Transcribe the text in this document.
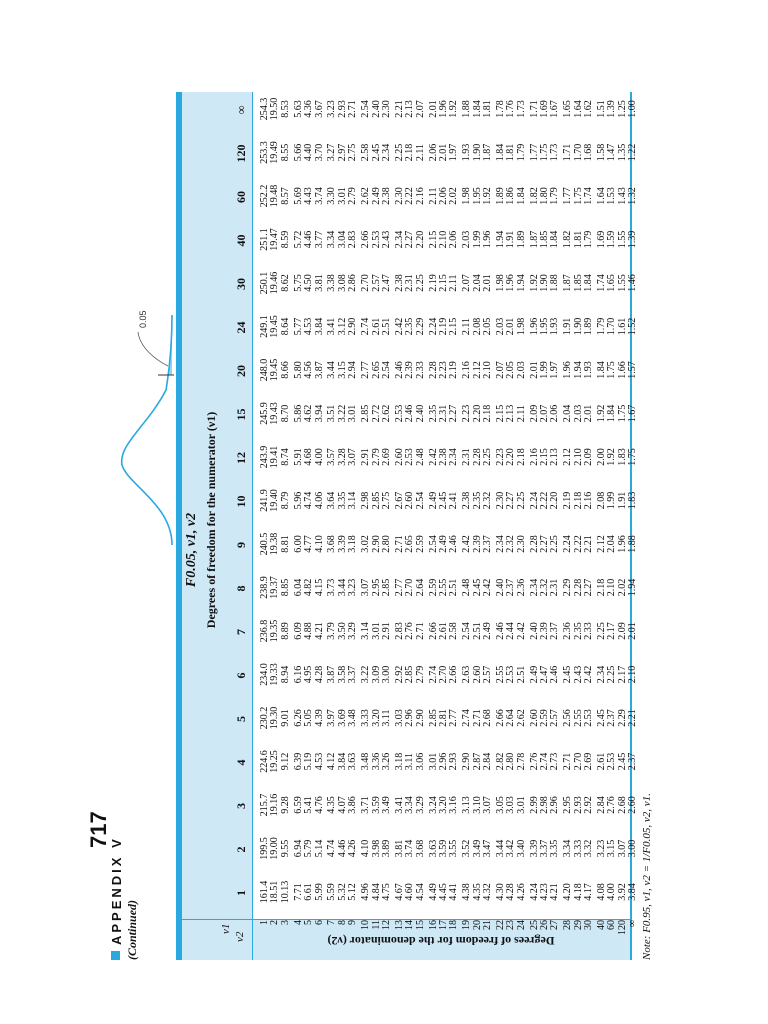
717
APPENDIX V (Continued)
0.05
F0.05, ν1, ν2 Degrees of freedom for the numerator (ν1)
Degrees of freedom for the denominator (ν2)
ν1
ν2
1
2
3
4
5
6
7
8
9
10
12
15
20
24
30
40
60
120
∞
1
161.4
199.5
215.7
224.6
230.2
234.0
236.8
238.9
240.5
241.9
243.9
245.9
248.0
249.1
250.1
251.1
252.2
253.3
254.3
2
18.51
19.00
19.16
19.25
19.30
19.33
19.35
19.37
19.38
19.40
19.41
19.43
19.45
19.45
19.46
19.47
19.48
19.49
19.50
3
10.13
9.55
9.28
9.12
9.01
8.94
8.89
8.85
8.81
8.79
8.74
8.70
8.66
8.64
8.62
8.59
8.57
8.55
8.53
4
7.71
6.94
6.59
6.39
6.26
6.16
6.09
6.04
6.00
5.96
5.91
5.86
5.80
5.77
5.75
5.72
5.69
5.66
5.63
5
6.61
5.79
5.41
5.19
5.05
4.95
4.88
4.82
4.77
4.74
4.68
4.62
4.56
4.53
4.50
4.46
4.43
4.40
4.36
6
5.99
5.14
4.76
4.53
4.39
4.28
4.21
4.15
4.10
4.06
4.00
3.94
3.87
3.84
3.81
3.77
3.74
3.70
3.67
7
5.59
4.74
4.35
4.12
3.97
3.87
3.79
3.73
3.68
3.64
3.57
3.51
3.44
3.41
3.38
3.34
3.30
3.27
3.23
8
5.32
4.46
4.07
3.84
3.69
3.58
3.50
3.44
3.39
3.35
3.28
3.22
3.15
3.12
3.08
3.04
3.01
2.97
2.93
9
5.12
4.26
3.86
3.63
3.48
3.37
3.29
3.23
3.18
3.14
3.07
3.01
2.94
2.90
2.86
2.83
2.79
2.75
2.71
10
4.96
4.10
3.71
3.48
3.33
3.22
3.14
3.07
3.02
2.98
2.91
2.85
2.77
2.74
2.70
2.66
2.62
2.58
2.54
11
4.84
3.98
3.59
3.36
3.20
3.09
3.01
2.95
2.90
2.85
2.79
2.72
2.65
2.61
2.57
2.53
2.49
2.45
2.40
12
4.75
3.89
3.49
3.26
3.11
3.00
2.91
2.85
2.80
2.75
2.69
2.62
2.54
2.51
2.47
2.43
2.38
2.34
2.30
13
4.67
3.81
3.41
3.18
3.03
2.92
2.83
2.77
2.71
2.67
2.60
2.53
2.46
2.42
2.38
2.34
2.30
2.25
2.21
14
4.60
3.74
3.34
3.11
2.96
2.85
2.76
2.70
2.65
2.60
2.53
2.46
2.39
2.35
2.31
2.27
2.22
2.18
2.13
15
4.54
3.68
3.29
3.06
2.90
2.79
2.71
2.64
2.59
2.54
2.48
2.40
2.33
2.29
2.25
2.20
2.16
2.11
2.07
16
4.49
3.63
3.24
3.01
2.85
2.74
2.66
2.59
2.54
2.49
2.42
2.35
2.28
2.24
2.19
2.15
2.11
2.06
2.01
17
4.45
3.59
3.20
2.96
2.81
2.70
2.61
2.55
2.49
2.45
2.38
2.31
2.23
2.19
2.15
2.10
2.06
2.01
1.96
18
4.41
3.55
3.16
2.93
2.77
2.66
2.58
2.51
2.46
2.41
2.34
2.27
2.19
2.15
2.11
2.06
2.02
1.97
1.92
19
4.38
3.52
3.13
2.90
2.74
2.63
2.54
2.48
2.42
2.38
2.31
2.23
2.16
2.11
2.07
2.03
1.98
1.93
1.88
20
4.35
3.49
3.10
2.87
2.71
2.60
2.51
2.45
2.39
2.35
2.28
2.20
2.12
2.08
2.04
1.99
1.95
1.90
1.84
21
4.32
3.47
3.07
2.84
2.68
2.57
2.49
2.42
2.37
2.32
2.25
2.18
2.10
2.05
2.01
1.96
1.92
1.87
1.81
22
4.30
3.44
3.05
2.82
2.66
2.55
2.46
2.40
2.34
2.30
2.23
2.15
2.07
2.03
1.98
1.94
1.89
1.84
1.78
23
4.28
3.42
3.03
2.80
2.64
2.53
2.44
2.37
2.32
2.27
2.20
2.13
2.05
2.01
1.96
1.91
1.86
1.81
1.76
24
4.26
3.40
3.01
2.78
2.62
2.51
2.42
2.36
2.30
2.25
2.18
2.11
2.03
1.98
1.94
1.89
1.84
1.79
1.73
25
4.24
3.39
2.99
2.76
2.60
2.49
2.40
2.34
2.28
2.24
2.16
2.09
2.01
1.96
1.92
1.87
1.82
1.77
1.71
26
4.23
3.37
2.98
2.74
2.59
2.47
2.39
2.32
2.27
2.22
2.15
2.07
1.99
1.95
1.90
1.85
1.80
1.75
1.69
27
4.21
3.35
2.96
2.73
2.57
2.46
2.37
2.31
2.25
2.20
2.13
2.06
1.97
1.93
1.88
1.84
1.79
1.73
1.67
28
4.20
3.34
2.95
2.71
2.56
2.45
2.36
2.29
2.24
2.19
2.12
2.04
1.96
1.91
1.87
1.82
1.77
1.71
1.65
29
4.18
3.33
2.93
2.70
2.55
2.43
2.35
2.28
2.22
2.18
2.10
2.03
1.94
1.90
1.85
1.81
1.75
1.70
1.64
30
4.17
3.32
2.92
2.69
2.53
2.42
2.33
2.27
2.21
2.16
2.09
2.01
1.93
1.89
1.84
1.79
1.74
1.68
1.62
40
4.08
3.23
2.84
2.61
2.45
2.34
2.25
2.18
2.12
2.08
2.00
1.92
1.84
1.79
1.74
1.69
1.64
1.58
1.51
60
4.00
3.15
2.76
2.53
2.37
2.25
2.17
2.10
2.04
1.99
1.92
1.84
1.75
1.70
1.65
1.59
1.53
1.47
1.39
120
3.92
3.07
2.68
2.45
2.29
2.17
2.09
2.02
1.96
1.91
1.83
1.75
1.66
1.61
1.55
1.55
1.43
1.35
1.25
∞
3.84
3.00
2.60
2.37
2.21
2.10
2.01
1.94
1.88
1.83
1.75
1.67
1.57
1.52
1.46
1.39
1.32
1.22
1.00
Note: F0.95, ν1, ν2 = 1/F0.05, ν2, ν1.
